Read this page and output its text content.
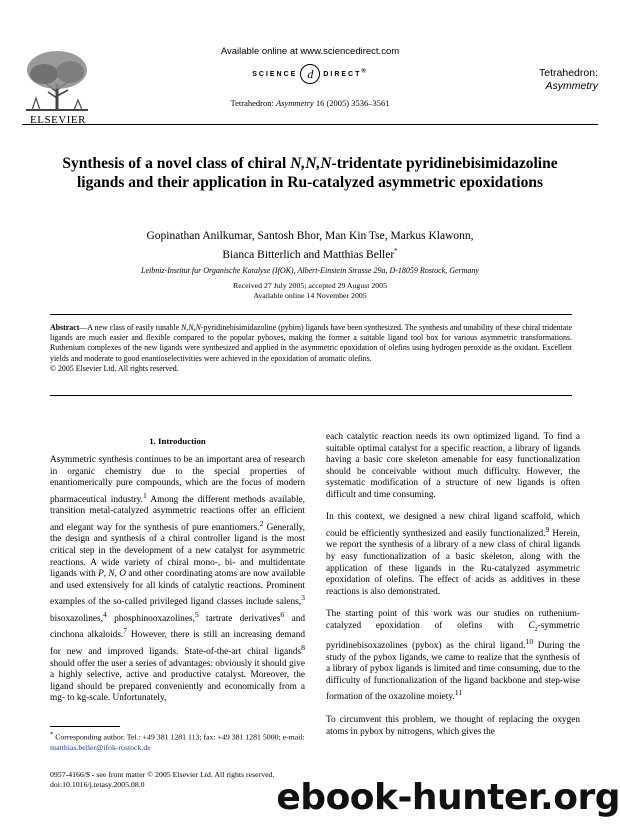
ELSEVIER
Available online at www.sciencedirect.com
SCIENCE d DIRECT®
Tetrahedron: Asymmetry 16 (2005) 3536–3561
Tetrahedron:
Asymmetry
Synthesis of a novel class of chiral N,N,N-tridentate pyridinebisimidazoline ligands and their application in Ru-catalyzed asymmetric epoxidations
Gopinathan Anilkumar, Santosh Bhor, Man Kin Tse, Markus Klawonn,
Bianca Bitterlich and Matthias Beller*
Leibniz-Institut fur Organische Katalyse (IfOK), Albert-Einstein Strasse 29a, D-18059 Rostock, Germany
Received 27 July 2005; accepted 29 August 2005
Available online 14 November 2005
Abstract—A new class of easily tunable N,N,N-pyridinebisimidazoline (pybim) ligands have been synthesized. The synthesis and tunability of these chiral tridentate ligands are much easier and flexible compared to the popular pyboxes, making the former a suitable ligand tool box for various asymmetric transformations. Ruthenium complexes of the new ligands were synthesized and applied in the asymmetric epoxidation of olefins using hydrogen peroxide as the oxidant. Excellent yields and moderate to good enantioselectivities were achieved in the epoxidation of aromatic olefins.
© 2005 Elsevier Ltd. All rights reserved.
1. Introduction

Asymmetric synthesis continues to be an important area of research in organic chemistry due to the special properties of enantiomerically pure compounds, which are the focus of modern pharmaceutical industry.$^1$ Among the different methods available, transition metal-catalyzed asymmetric reactions offer an efficient and elegant way for the synthesis of pure enantiomers.$^2$ Generally, the design and synthesis of a chiral controller ligand is the most critical step in the development of a new catalyst for asymmetric reactions. A wide variety of chiral mono-, bi- and multidentate ligands with P, N, O and other coordinating atoms are now available and used extensively for all kinds of catalytic reactions. Prominent examples of the so-called privileged ligand classes include salens,$^3$ bisoxazolines,$^4$ phosphinooxazolines,$^5$ tartrate derivatives$^6$ and cinchona alkaloids.$^7$ However, there is still an increasing demand for new and improved ligands. State-of-the-art chiral ligands$^8$ should offer the user a series of advantages: obviously it should give a highly selective, active and productive catalyst. Moreover, the ligand should be prepared conveniently and economically from a mg- to kg-scale. Unfortunately,

each catalytic reaction needs its own optimized ligand. To find a suitable optimal catalyst for a specific reaction, a library of ligands having a basic core skeleton amenable for easy functionalization should be conceivable without much difficulty. However, the systematic modification of a structure of new ligands is often difficult and time consuming.

In this context, we designed a new chiral ligand scaffold, which could be efficiently synthesized and easily functionalized.$^9$ Herein, we report the synthesis of a library of a new class of chiral ligands by easy functionalization of a basic skeleton, along with the application of these ligands in the Ru-catalyzed asymmetric epoxidation of olefins. The effect of acids as additives in these reactions is also demonstrated.

The starting point of this work was our studies on ruthenium-catalyzed epoxidation of olefins with $C_2$-symmetric pyridinebisoxazolines (pybox) as the chiral ligand.$^{10}$ During the study of the pybox ligands, we came to realize that the synthesis of a library of pybox ligands is limited and time consuming, due to the difficulty of functionalization of the ligand backbone and step-wise formation of the oxazoline moiety.$^{11}$

To circumvent this problem, we thought of replacing the oxygen atoms in pybox by nitrogens, which gives the

* Corresponding author. Tel.: +49 381 1281 113; fax: +49 381 1281 5000; e-mail: matthias.beller@ifok-rostock.de
0957-4166/$ - see front matter © 2005 Elsevier Ltd. All rights reserved.
doi:10.1016/j.tetasy.2005.08.0	ebook-hunter.org
